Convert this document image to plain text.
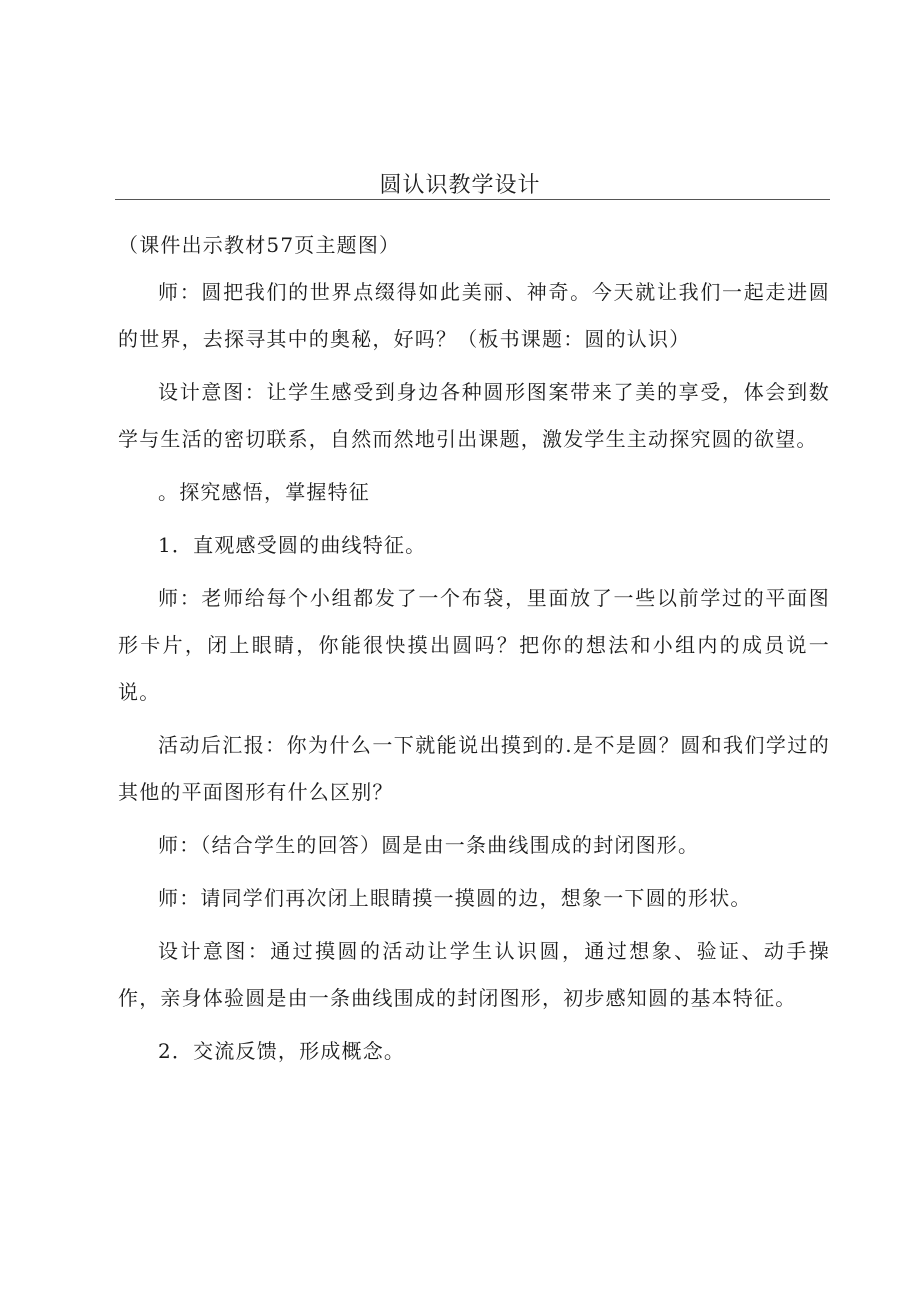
圆认识教学设计

（课件出示教材57页主题图）

师：圆把我们的世界点缀得如此美丽、神奇。今天就让我们一起走进圆的世界，去探寻其中的奥秘，好吗？（板书课题：圆的认识）

设计意图：让学生感受到身边各种圆形图案带来了美的享受，体会到数学与生活的密切联系，自然而然地引出课题，激发学生主动探究圆的欲望。

。探究感悟，掌握特征

1．直观感受圆的曲线特征。

师：老师给每个小组都发了一个布袋，里面放了一些以前学过的平面图形卡片，闭上眼睛，你能很快摸出圆吗？把你的想法和小组内的成员说一说。

活动后汇报：你为什么一下就能说出摸到的.是不是圆？圆和我们学过的其他的平面图形有什么区别？

师：（结合学生的回答）圆是由一条曲线围成的封闭图形。

师：请同学们再次闭上眼睛摸一摸圆的边，想象一下圆的形状。

设计意图：通过摸圆的活动让学生认识圆，通过想象、验证、动手操作，亲身体验圆是由一条曲线围成的封闭图形，初步感知圆的基本特征。

2．交流反馈，形成概念。
